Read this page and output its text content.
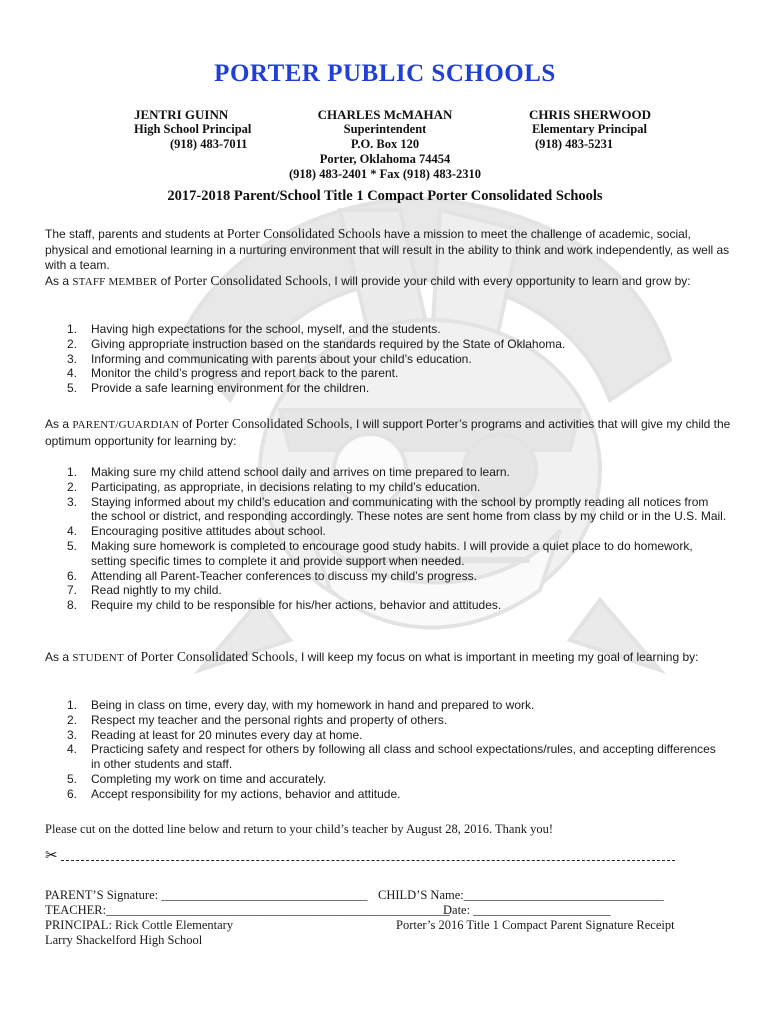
PORTER PUBLIC SCHOOLS
JENTRI GUINN
High School Principal
(918) 483-7011
CHARLES McMAHAN
Superintendent
P.O. Box 120
Porter, Oklahoma 74454
(918) 483-2401 * Fax (918) 483-2310
CHRIS SHERWOOD
Elementary Principal
(918) 483-5231
2017-2018 Parent/School Title 1 Compact Porter Consolidated Schools
The staff, parents and students at Porter Consolidated Schools have a mission to meet the challenge of academic, social, physical and emotional learning in a nurturing environment that will result in the ability to think and work independently, as well as with a team.
As a STAFF MEMBER of Porter Consolidated Schools, I will provide your child with every opportunity to learn and grow by:
1. Having high expectations for the school, myself, and the students.
2. Giving appropriate instruction based on the standards required by the State of Oklahoma.
3. Informing and communicating with parents about your child’s education.
4. Monitor the child’s progress and report back to the parent.
5. Provide a safe learning environment for the children.
As a PARENT/GUARDIAN of Porter Consolidated Schools, I will support Porter’s programs and activities that will give my child the optimum opportunity for learning by:
1. Making sure my child attend school daily and arrives on time prepared to learn.
2. Participating, as appropriate, in decisions relating to my child’s education.
3. Staying informed about my child’s education and communicating with the school by promptly reading all notices from the school or district, and responding accordingly. These notes are sent home from class by my child or in the U.S. Mail.
4. Encouraging positive attitudes about school.
5. Making sure homework is completed to encourage good study habits. I will provide a quiet place to do homework, setting specific times to complete it and provide support when needed.
6. Attending all Parent-Teacher conferences to discuss my child’s progress.
7. Read nightly to my child.
8. Require my child to be responsible for his/her actions, behavior and attitudes.
As a STUDENT of Porter Consolidated Schools, I will keep my focus on what is important in meeting my goal of learning by:
1. Being in class on time, every day, with my homework in hand and prepared to work.
2. Respect my teacher and the personal rights and property of others.
3. Reading at least for 20 minutes every day at home.
4. Practicing safety and respect for others by following all class and school expectations/rules, and accepting differences in other students and staff.
5. Completing my work on time and accurately.
6. Accept responsibility for my actions, behavior and attitude.
Please cut on the dotted line below and return to your child’s teacher by August 28, 2016. Thank you!
✂
PARENT’S Signature: _________________________________ CHILD’S Name:________________________________
TEACHER:_______________________________________________________
Date: ______________________
PRINCIPAL: Rick Cottle Elementary	Porter’s 2016 Title 1 Compact Parent Signature Receipt
Larry Shackelford High School
